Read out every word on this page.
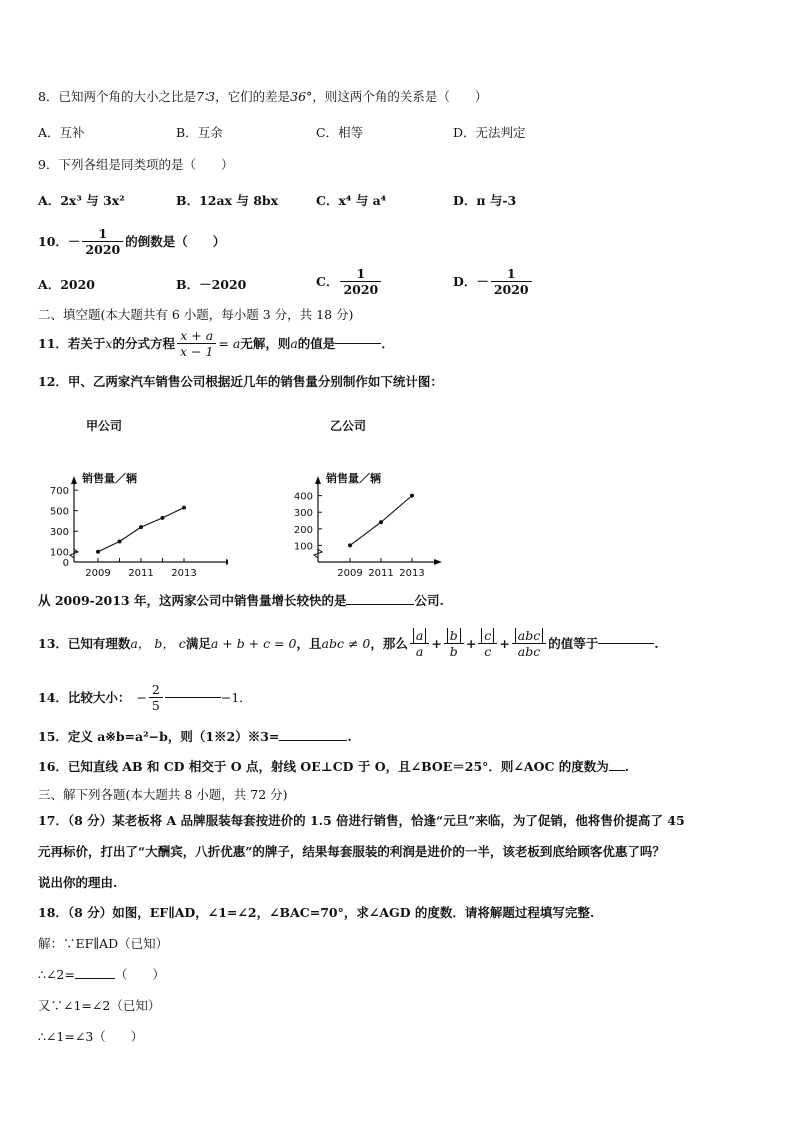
8．已知两个角的大小之比是7∶3，它们的差是36°，则这两个角的关系是（　　）
A．互补	B．互余	C．相等	D．无法判定
9．下列各组是同类项的是（　　）
A．2x³ 与 3x²	B．12ax 与 8bx	C．x⁴ 与 a⁴	D．π 与-3
10．－ $\frac{1}{2020}$ 的倒数是（　　）
A．2020	B．－2020	C． $\frac{1}{2020}$	D．－ $\frac{1}{2020}$
二、填空题(本大题共有 6 小题，每小题 3 分，共 18 分)
11．若关于x的分式方程 $\frac{x + a}{x - 1} = a$无解，则a的值是	．
12．甲、乙两家汽车销售公司根据近几年的销售量分别制作如下统计图：
甲公司
销售量／辆
0
100
300
500
700
2009 2011 2013
乙公司
销售量／辆
100
200
300
400
2009 2011 2013
从 2009-2013 年，这两家公司中销售量增长较快的是	公司.
13．已知有理数a， b， c满足a + b + c = 0，且abc ≠ 0，那么 $\frac{a}{a} + \frac{b}{b} + \frac{c}{c} + \frac{\text{abc}}{\text{abc}}$ 的值等于	.
14．比较大小： − $\frac{2}{5}$	−1．
15．定义 a※b=a²−b，则（1※2）※3=	.
16．已知直线 AB 和 CD 相交于 O 点，射线 OE⊥CD 于 O，且∠BOE＝25°．则∠AOC 的度数为 .
三、解下列各题(本大题共 8 小题，共 72 分)
17．（8 分）某老板将 A 品牌服装每套按进价的 1.5 倍进行销售，恰逢“元旦”来临，为了促销，他将售价提高了 45
元再标价，打出了“大酬宾，八折优惠”的牌子，结果每套服装的利润是进价的一半，该老板到底给顾客优惠了吗？
说出你的理由.
18．（8 分）如图，EF∥AD，∠1=∠2，∠BAC=70°，求∠AGD 的度数．请将解题过程填写完整.
解：∵EF∥AD（已知）
∴∠2=	（　　）
又∵∠1=∠2（已知）
∴∠1=∠3（　　）
